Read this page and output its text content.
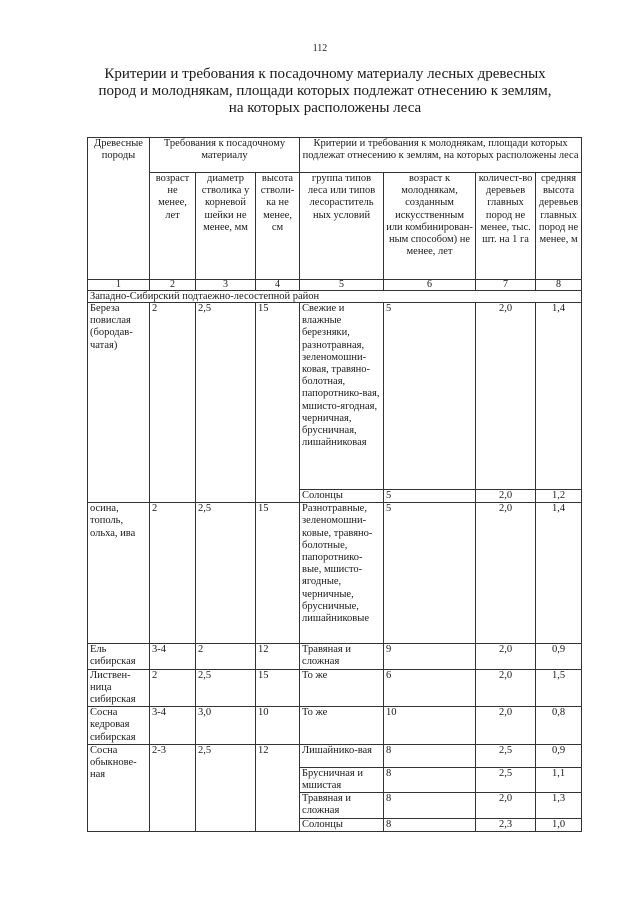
112
Критерии и требования к посадочному материалу лесных древесных пород и молоднякам, площади которых подлежат отнесению к землям, на которых расположены леса
Древесные породы	Требования к посадочному материалу			Критерии и требования к молоднякам, площади которых подлежат отнесению к землям, на которых расположены леса			
	возраст не менее, лет	диаметр стволика у корневой шейки не менее, мм	высота стволи-ка не менее, см	группа типов леса или типов лесораститель ных условий	возраст к молоднякам, созданным искусственным или комбинирован-ным способом) не менее, лет	количест-во деревьев главных пород не менее, тыс. шт. на 1 га	средняя высота деревьев главных пород не менее, м
1	2	3	4	5	6	7	8
Западно-Сибирский подтаежно-лесостепной район							
Береза повислая (бородав-чатая)	2	2,5	15	Свежие и влажные березняки, разнотравная, зеленомошни-ковая, травяно-болотная, папоротнико-вая, мшисто-ягодная, черничная, брусничная, лишайниковая	5	2,0	1,4
				Солонцы	5	2,0	1,2
осина, тополь, ольха, ива	2	2,5	15	Разнотравные, зеленомошни-ковые, травяно-болотные, папоротнико-вые, мшисто-ягодные, черничные, брусничные, лишайниковые	5	2,0	1,4
Ель сибирская	3-4	2	12	Травяная и сложная	9	2,0	0,9
Листвен-ница сибирская	2	2,5	15	То же	6	2,0	1,5
Сосна кедровая сибирская	3-4	3,0	10	То же	10	2,0	0,8
Сосна обыкнове-ная	2-3	2,5	12	Лишайнико-вая	8	2,5	0,9
				Брусничная и мшистая	8	2,5	1,1
				Травяная и сложная	8	2,0	1,3
				Солонцы	8	2,3	1,0
